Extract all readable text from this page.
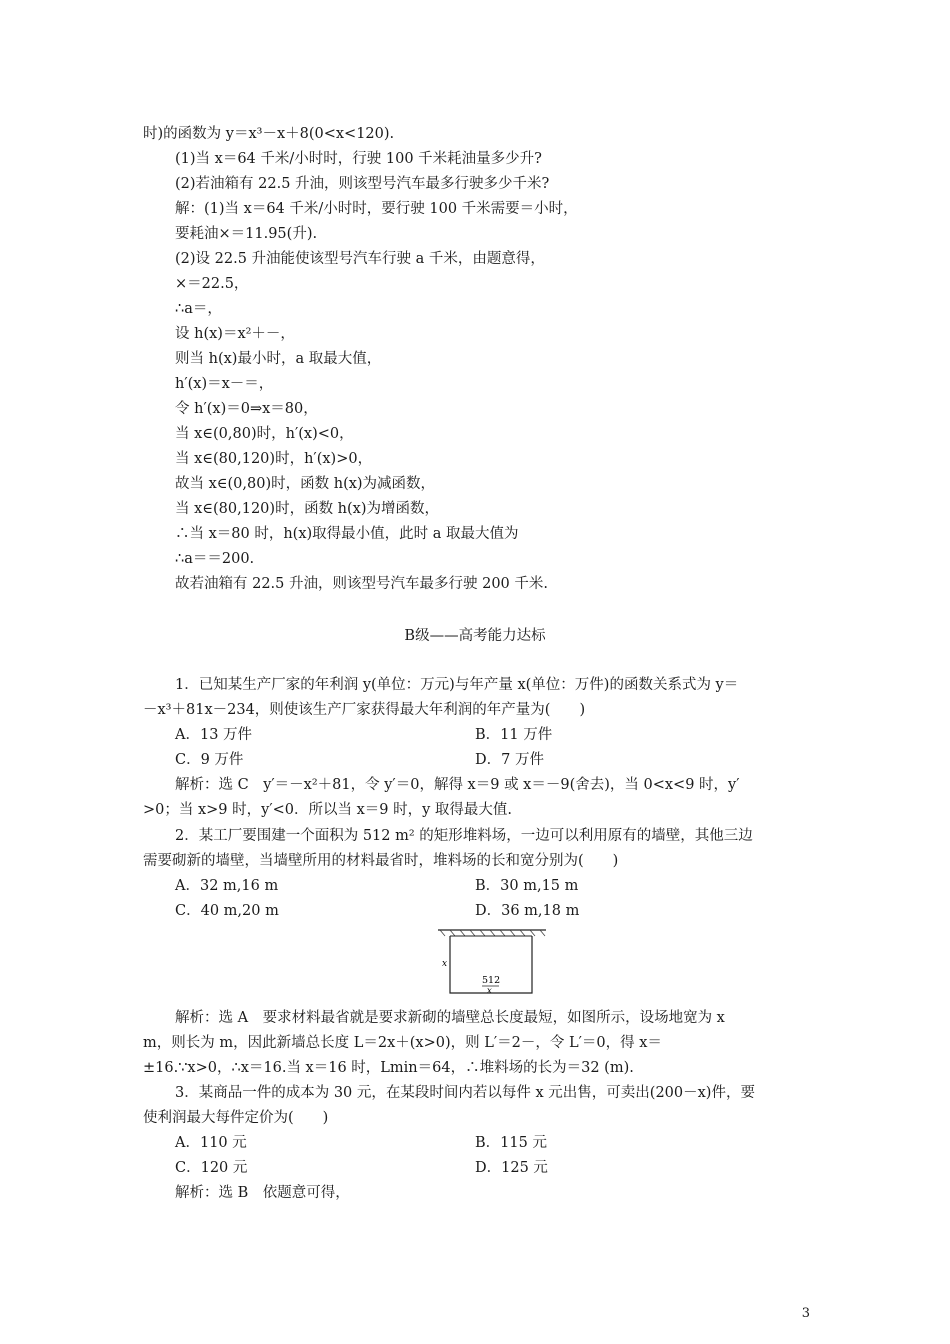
时)的函数为 y＝x³－x＋8(0<x<120).
(1)当 x＝64 千米/小时时，行驶 100 千米耗油量多少升?
(2)若油箱有 22.5 升油，则该型号汽车最多行驶多少千米?
解：(1)当 x＝64 千米/小时时，要行驶 100 千米需要＝小时，
要耗油×＝11.95(升).
(2)设 22.5 升油能使该型号汽车行驶 a 千米，由题意得，
×＝22.5，
∴a＝，
设 h(x)＝x²＋－，
则当 h(x)最小时，a 取最大值，
h′(x)＝x－＝，
令 h′(x)＝0⇒x＝80，
当 x∈(0,80)时，h′(x)<0，
当 x∈(80,120)时，h′(x)>0，
故当 x∈(0,80)时，函数 h(x)为减函数，
当 x∈(80,120)时，函数 h(x)为增函数，
∴当 x＝80 时，h(x)取得最小值，此时 a 取最大值为
∴a＝＝200.
故若油箱有 22.5 升油，则该型号汽车最多行驶 200 千米.
B级——高考能力达标
1．已知某生产厂家的年利润 y(单位：万元)与年产量 x(单位：万件)的函数关系式为 y＝
－x³＋81x－234，则使该生产厂家获得最大年利润的年产量为(　　)
A．13 万件	B．11 万件
C．9 万件	D．7 万件
解析：选 C　y′＝－x²＋81，令 y′＝0，解得 x＝9 或 x＝－9(舍去)，当 0<x<9 时，y′
>0；当 x>9 时，y′<0．所以当 x＝9 时，y 取得最大值.
2．某工厂要围建一个面积为 512 m² 的矩形堆料场，一边可以利用原有的墙壁，其他三边
需要砌新的墙壁，当墙壁所用的材料最省时，堆料场的长和宽分别为(　　)
A．32 m,16 m	B．30 m,15 m
C．40 m,20 m	D．36 m,18 m
x
512
x
解析：选 A　要求材料最省就是要求新砌的墙壁总长度最短，如图所示，设场地宽为 x
m，则长为 m，因此新墙总长度 L＝2x＋(x>0)，则 L′＝2－，令 L′＝0，得 x＝
±16.∵x>0，∴x＝16.当 x＝16 时，Lmin＝64，∴堆料场的长为＝32 (m).
3．某商品一件的成本为 30 元，在某段时间内若以每件 x 元出售，可卖出(200－x)件，要
使利润最大每件定价为(　　)
A．110 元	B．115 元
C．120 元	D．125 元
解析：选 B　依题意可得，
3
